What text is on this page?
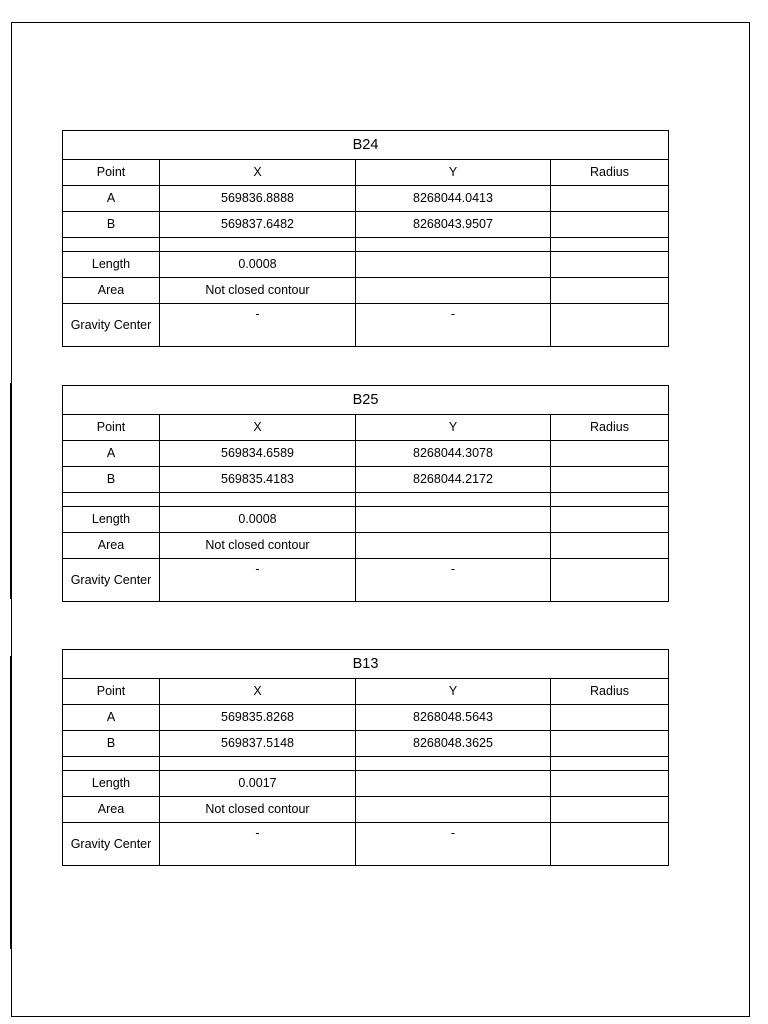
B24			
Point	X	Y	Radius
A	569836.8888	8268044.0413	
B	569837.6482	8268043.9507	

Length	0.0008		
Area	Not closed contour		
Gravity Center	-	-	
B25			
Point	X	Y	Radius
A	569834.6589	8268044.3078	
B	569835.4183	8268044.2172	

Length	0.0008		
Area	Not closed contour		
Gravity Center	-	-	
B13			
Point	X	Y	Radius
A	569835.8268	8268048.5643	
B	569837.5148	8268048.3625	

Length	0.0017		
Area	Not closed contour		
Gravity Center	-	-	
